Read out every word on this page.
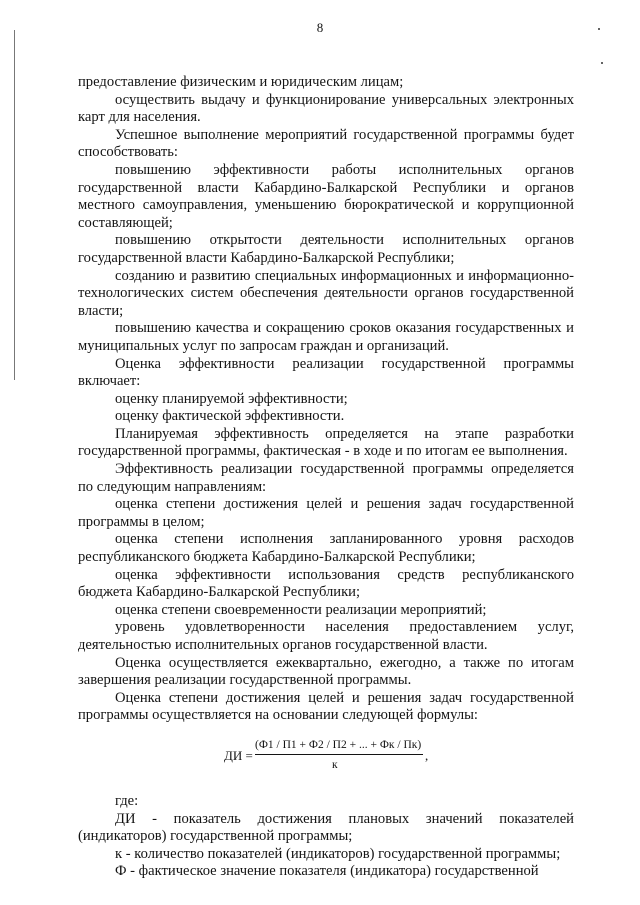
8

предоставление физическим и юридическим лицам;

осуществить выдачу и функционирование универсальных электронных карт для населения.

Успешное выполнение мероприятий государственной программы будет способствовать:

повышению эффективности работы исполнительных органов государственной власти Кабардино-Балкарской Республики и органов местного самоуправления, уменьшению бюрократической и коррупционной составляющей;

повышению открытости деятельности исполнительных органов государственной власти Кабардино-Балкарской Республики;

созданию и развитию специальных информационных и информационно-технологических систем обеспечения деятельности органов государственной власти;

повышению качества и сокращению сроков оказания государственных и муниципальных услуг по запросам граждан и организаций.

Оценка эффективности реализации государственной программы включает:

оценку планируемой эффективности;

оценку фактической эффективности.

Планируемая эффективность определяется на этапе разработки государственной программы, фактическая - в ходе и по итогам ее выполнения.

Эффективность реализации государственной программы определяется по следующим направлениям:

оценка степени достижения целей и решения задач государственной программы в целом;

оценка степени исполнения запланированного уровня расходов республиканского бюджета Кабардино-Балкарской Республики;

оценка эффективности использования средств республиканского бюджета Кабардино-Балкарской Республики;

оценка степени своевременности реализации мероприятий;

уровень удовлетворенности населения предоставлением услуг, деятельностью исполнительных органов государственной власти.

Оценка осуществляется ежеквартально, ежегодно, а также по итогам завершения реализации государственной программы.

Оценка степени достижения целей и решения задач государственной программы осуществляется на основании следующей формулы:

ДИ =
(Ф1 / П1 + Ф2 / П2 + ... + Фк / Пк)
к
,

где:

ДИ - показатель достижения плановых значений показателей (индикаторов) государственной программы;

к - количество показателей (индикаторов) государственной программы;

Ф - фактическое значение показателя (индикатора) государственной
